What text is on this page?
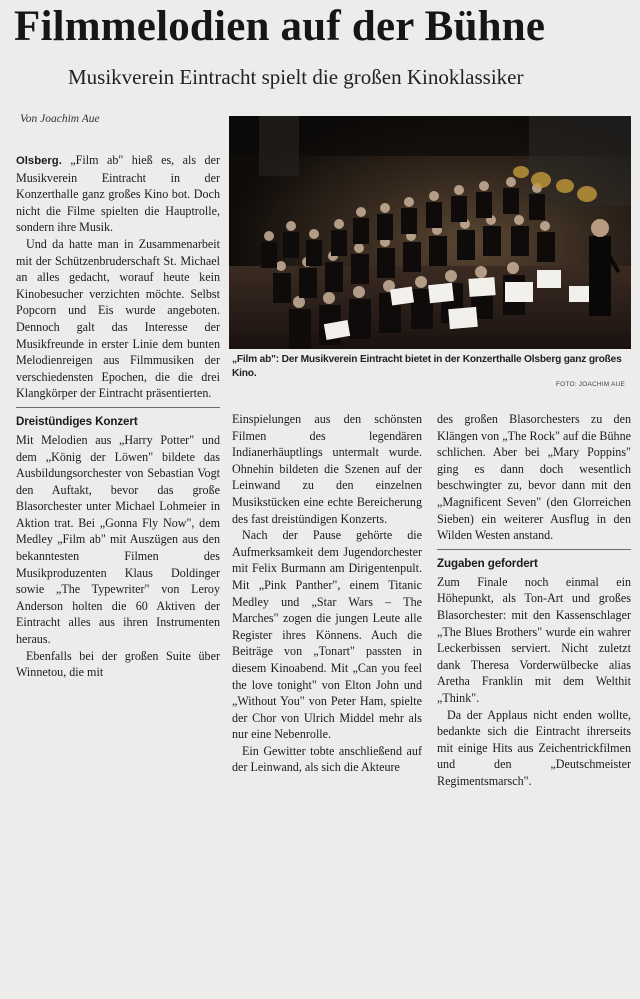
Filmmelodien auf der Bühne
Musikverein Eintracht spielt die großen Kinoklassiker
Von Joachim Aue

Olsberg. „Film ab" hieß es, als der Musikverein Eintracht in der Konzerthalle ganz großes Kino bot. Doch nicht die Filme spielten die Hauptrolle, sondern ihre Musik.

Und da hatte man in Zusammenarbeit mit der Schützenbruderschaft St. Michael an alles gedacht, worauf heute kein Kinobesucher verzichten möchte. Selbst Popcorn und Eis wurde angeboten. Dennoch galt das Interesse der Musikfreunde in erster Linie dem bunten Melodienreigen aus Filmmusiken der verschiedensten Epochen, die die drei Klangkörper der Eintracht präsentierten.

Dreistündiges Konzert

Mit Melodien aus „Harry Potter" und dem „König der Löwen" bildete das Ausbildungsorchester von Sebastian Vogt den Auftakt, bevor das große Blasorchester unter Michael Lohmeier in Aktion trat. Bei „Gonna Fly Now", dem Medley „Film ab" mit Auszügen aus den bekanntesten Filmen des Musikproduzenten Klaus Doldinger sowie „The Typewriter" von Leroy Anderson holten die 60 Aktiven der Eintracht alles aus ihren Instrumenten heraus.

Ebenfalls bei der großen Suite über Winnetou, die mit

„Film ab": Der Musikverein Eintracht bietet in der Konzerthalle Olsberg ganz großes Kino.
FOTO: JOACHIM AUE

Einspielungen aus den schönsten Filmen des legendären Indianerhäuptlings untermalt wurde. Ohnehin bildeten die Szenen auf der Leinwand zu den einzelnen Musikstücken eine echte Bereicherung des fast dreistündigen Konzerts.

Nach der Pause gehörte die Aufmerksamkeit dem Jugendorchester mit Felix Burmann am Dirigentenpult. Mit „Pink Panther", einem Titanic Medley und „Star Wars – The Marches" zogen die jungen Leute alle Register ihres Könnens. Auch die Beiträge von „Tonart" passten in diesem Kinoabend. Mit „Can you feel the love tonight" von Elton John und „Without You" von Peter Ham, spielte der Chor von Ulrich Middel mehr als nur eine Nebenrolle.

Ein Gewitter tobte anschließend auf der Leinwand, als sich die Akteure

des großen Blasorchesters zu den Klängen von „The Rock" auf die Bühne schlichen. Aber bei „Mary Poppins" ging es dann doch wesentlich beschwingter zu, bevor dann mit den „Magnificent Seven" (den Glorreichen Sieben) ein weiterer Ausflug in den Wilden Westen anstand.

Zugaben gefordert

Zum Finale noch einmal ein Höhepunkt, als Ton-Art und großes Blasorchester: mit den Kassenschlager „The Blues Brothers" wurde ein wahrer Leckerbissen serviert. Nicht zuletzt dank Theresa Vorderwülbecke alias Aretha Franklin mit dem Welthit „Think".

Da der Applaus nicht enden wollte, bedankte sich die Eintracht ihrerseits mit einige Hits aus Zeichentrickfilmen und den „Deutschmeister Regimentsmarsch".
